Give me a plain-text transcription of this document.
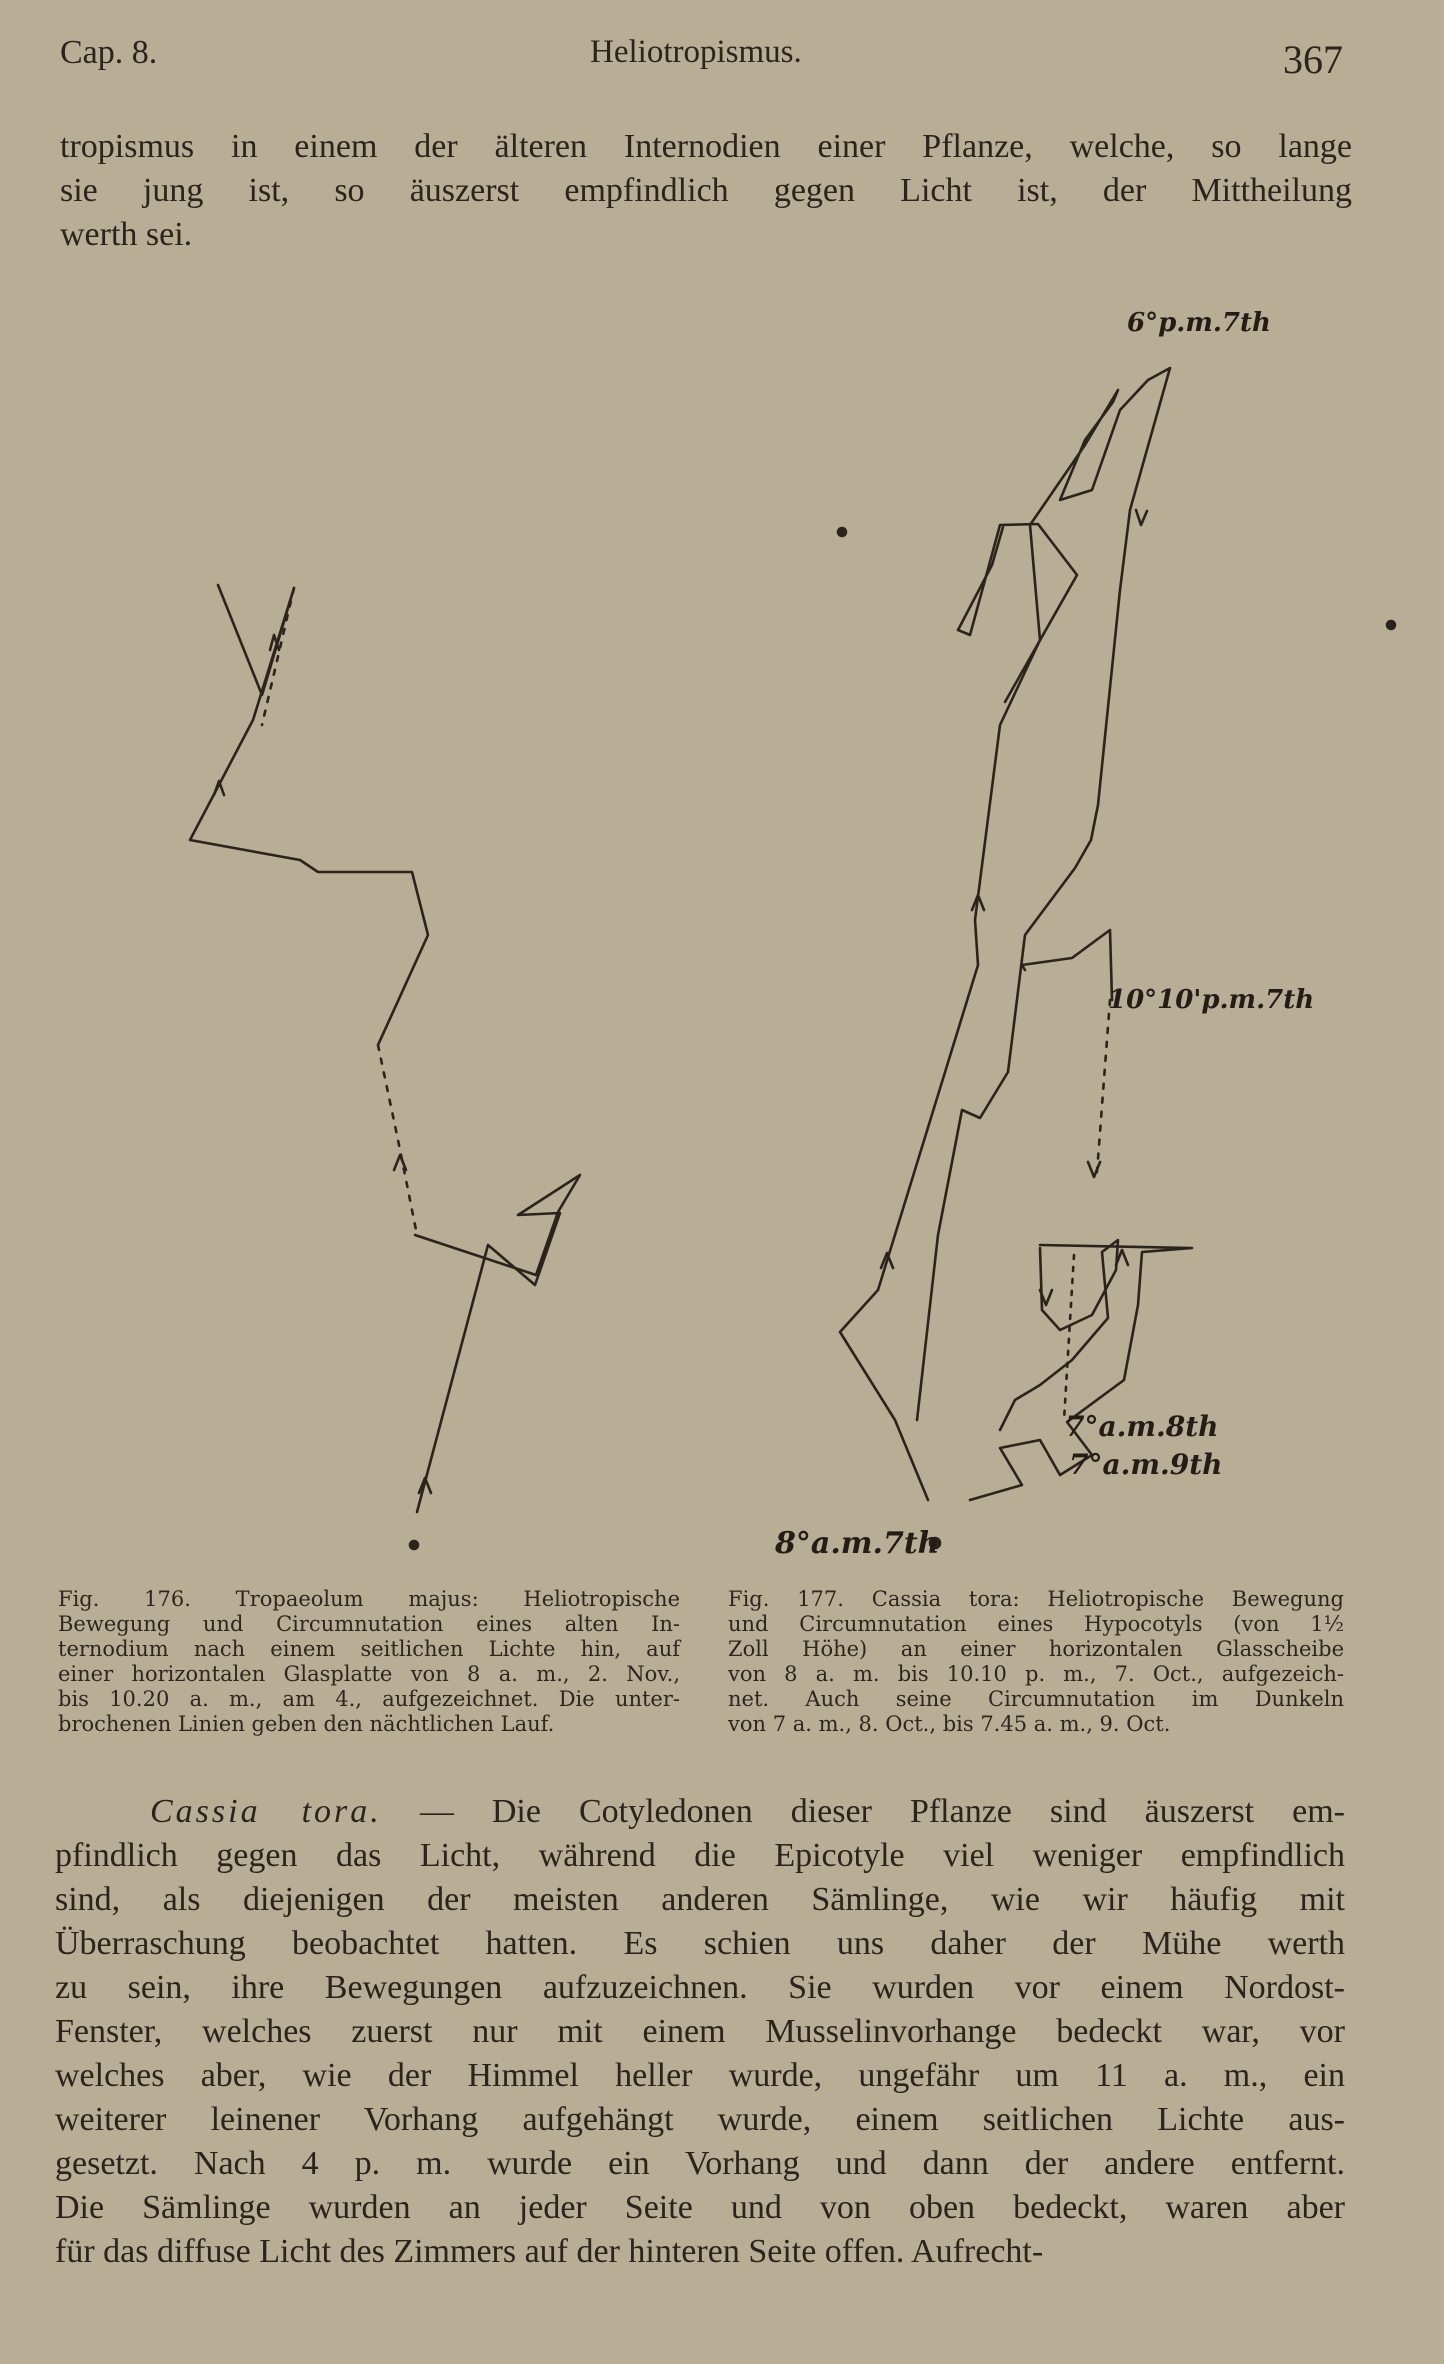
Cap. 8.	Heliotropismus.	367

tropismus in einem der älteren Internodien einer Pflanze, welche, so lange
sie jung ist, so äuszerst empfindlich gegen Licht ist, der Mittheilung
werth sei.

6°p.m.7th
10°10'p.m.7th
7°a.m.8th
7°a.m.9th
8°a.m.7th

Fig. 176. Tropaeolum majus: Heliotropische
Bewegung und Circumnutation eines alten In-
ternodium nach einem seitlichen Lichte hin, auf
einer horizontalen Glasplatte von 8 a. m., 2. Nov.,
bis 10.20 a. m., am 4., aufgezeichnet. Die unter-
brochenen Linien geben den nächtlichen Lauf.

Fig. 177. Cassia tora: Heliotropische Bewegung
und Circumnutation eines Hypocotyls (von 1½
Zoll Höhe) an einer horizontalen Glasscheibe
von 8 a. m. bis 10.10 p. m., 7. Oct., aufgezeich-
net. Auch seine Circumnutation im Dunkeln
von 7 a. m., 8. Oct., bis 7.45 a. m., 9. Oct.

Cassia tora. — Die Cotyledonen dieser Pflanze sind äuszerst em-
pfindlich gegen das Licht, während die Epicotyle viel weniger empfindlich
sind, als diejenigen der meisten anderen Sämlinge, wie wir häufig mit
Überraschung beobachtet hatten. Es schien uns daher der Mühe werth
zu sein, ihre Bewegungen aufzuzeichnen. Sie wurden vor einem Nordost-
Fenster, welches zuerst nur mit einem Musselinvorhange bedeckt war, vor
welches aber, wie der Himmel heller wurde, ungefähr um 11 a. m., ein
weiterer leinener Vorhang aufgehängt wurde, einem seitlichen Lichte aus-
gesetzt. Nach 4 p. m. wurde ein Vorhang und dann der andere entfernt.
Die Sämlinge wurden an jeder Seite und von oben bedeckt, waren aber
für das diffuse Licht des Zimmers auf der hinteren Seite offen. Aufrecht-
